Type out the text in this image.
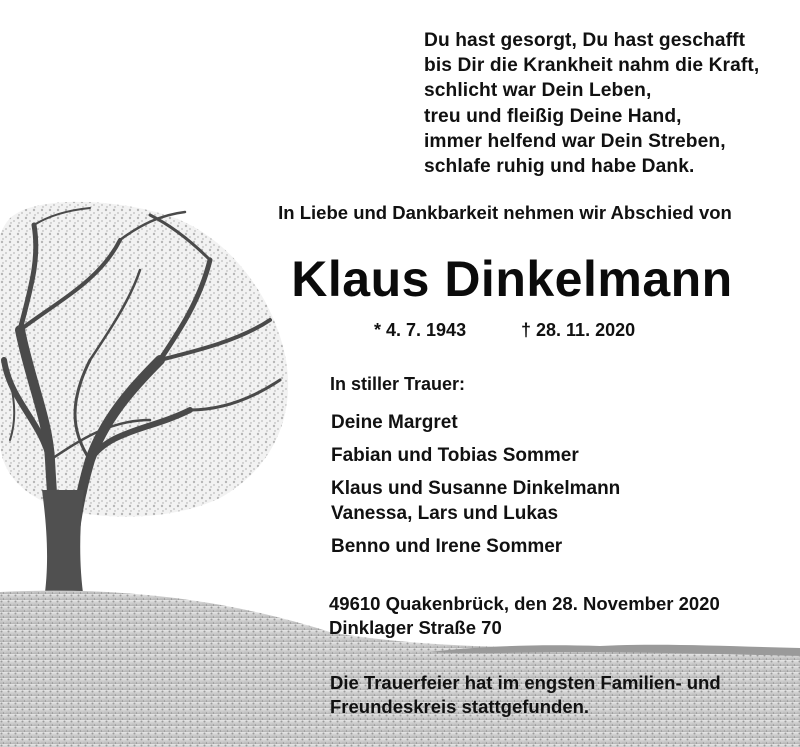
Du hast gesorgt, Du hast geschafft
bis Dir die Krankheit nahm die Kraft,
schlicht war Dein Leben,
treu und fleißig Deine Hand,
immer helfend war Dein Streben,
schlafe ruhig und habe Dank.
In Liebe und Dankbarkeit nehmen wir Abschied von
Klaus Dinkelmann
* 4. 7. 1943	† 28. 11. 2020
In stiller Trauer:
Deine Margret
Fabian und Tobias Sommer
Klaus und Susanne Dinkelmann
Vanessa, Lars und Lukas
Benno und Irene Sommer
49610 Quakenbrück, den 28. November 2020
Dinklager Straße 70
Die Trauerfeier hat im engsten Familien- und
Freundeskreis stattgefunden.
